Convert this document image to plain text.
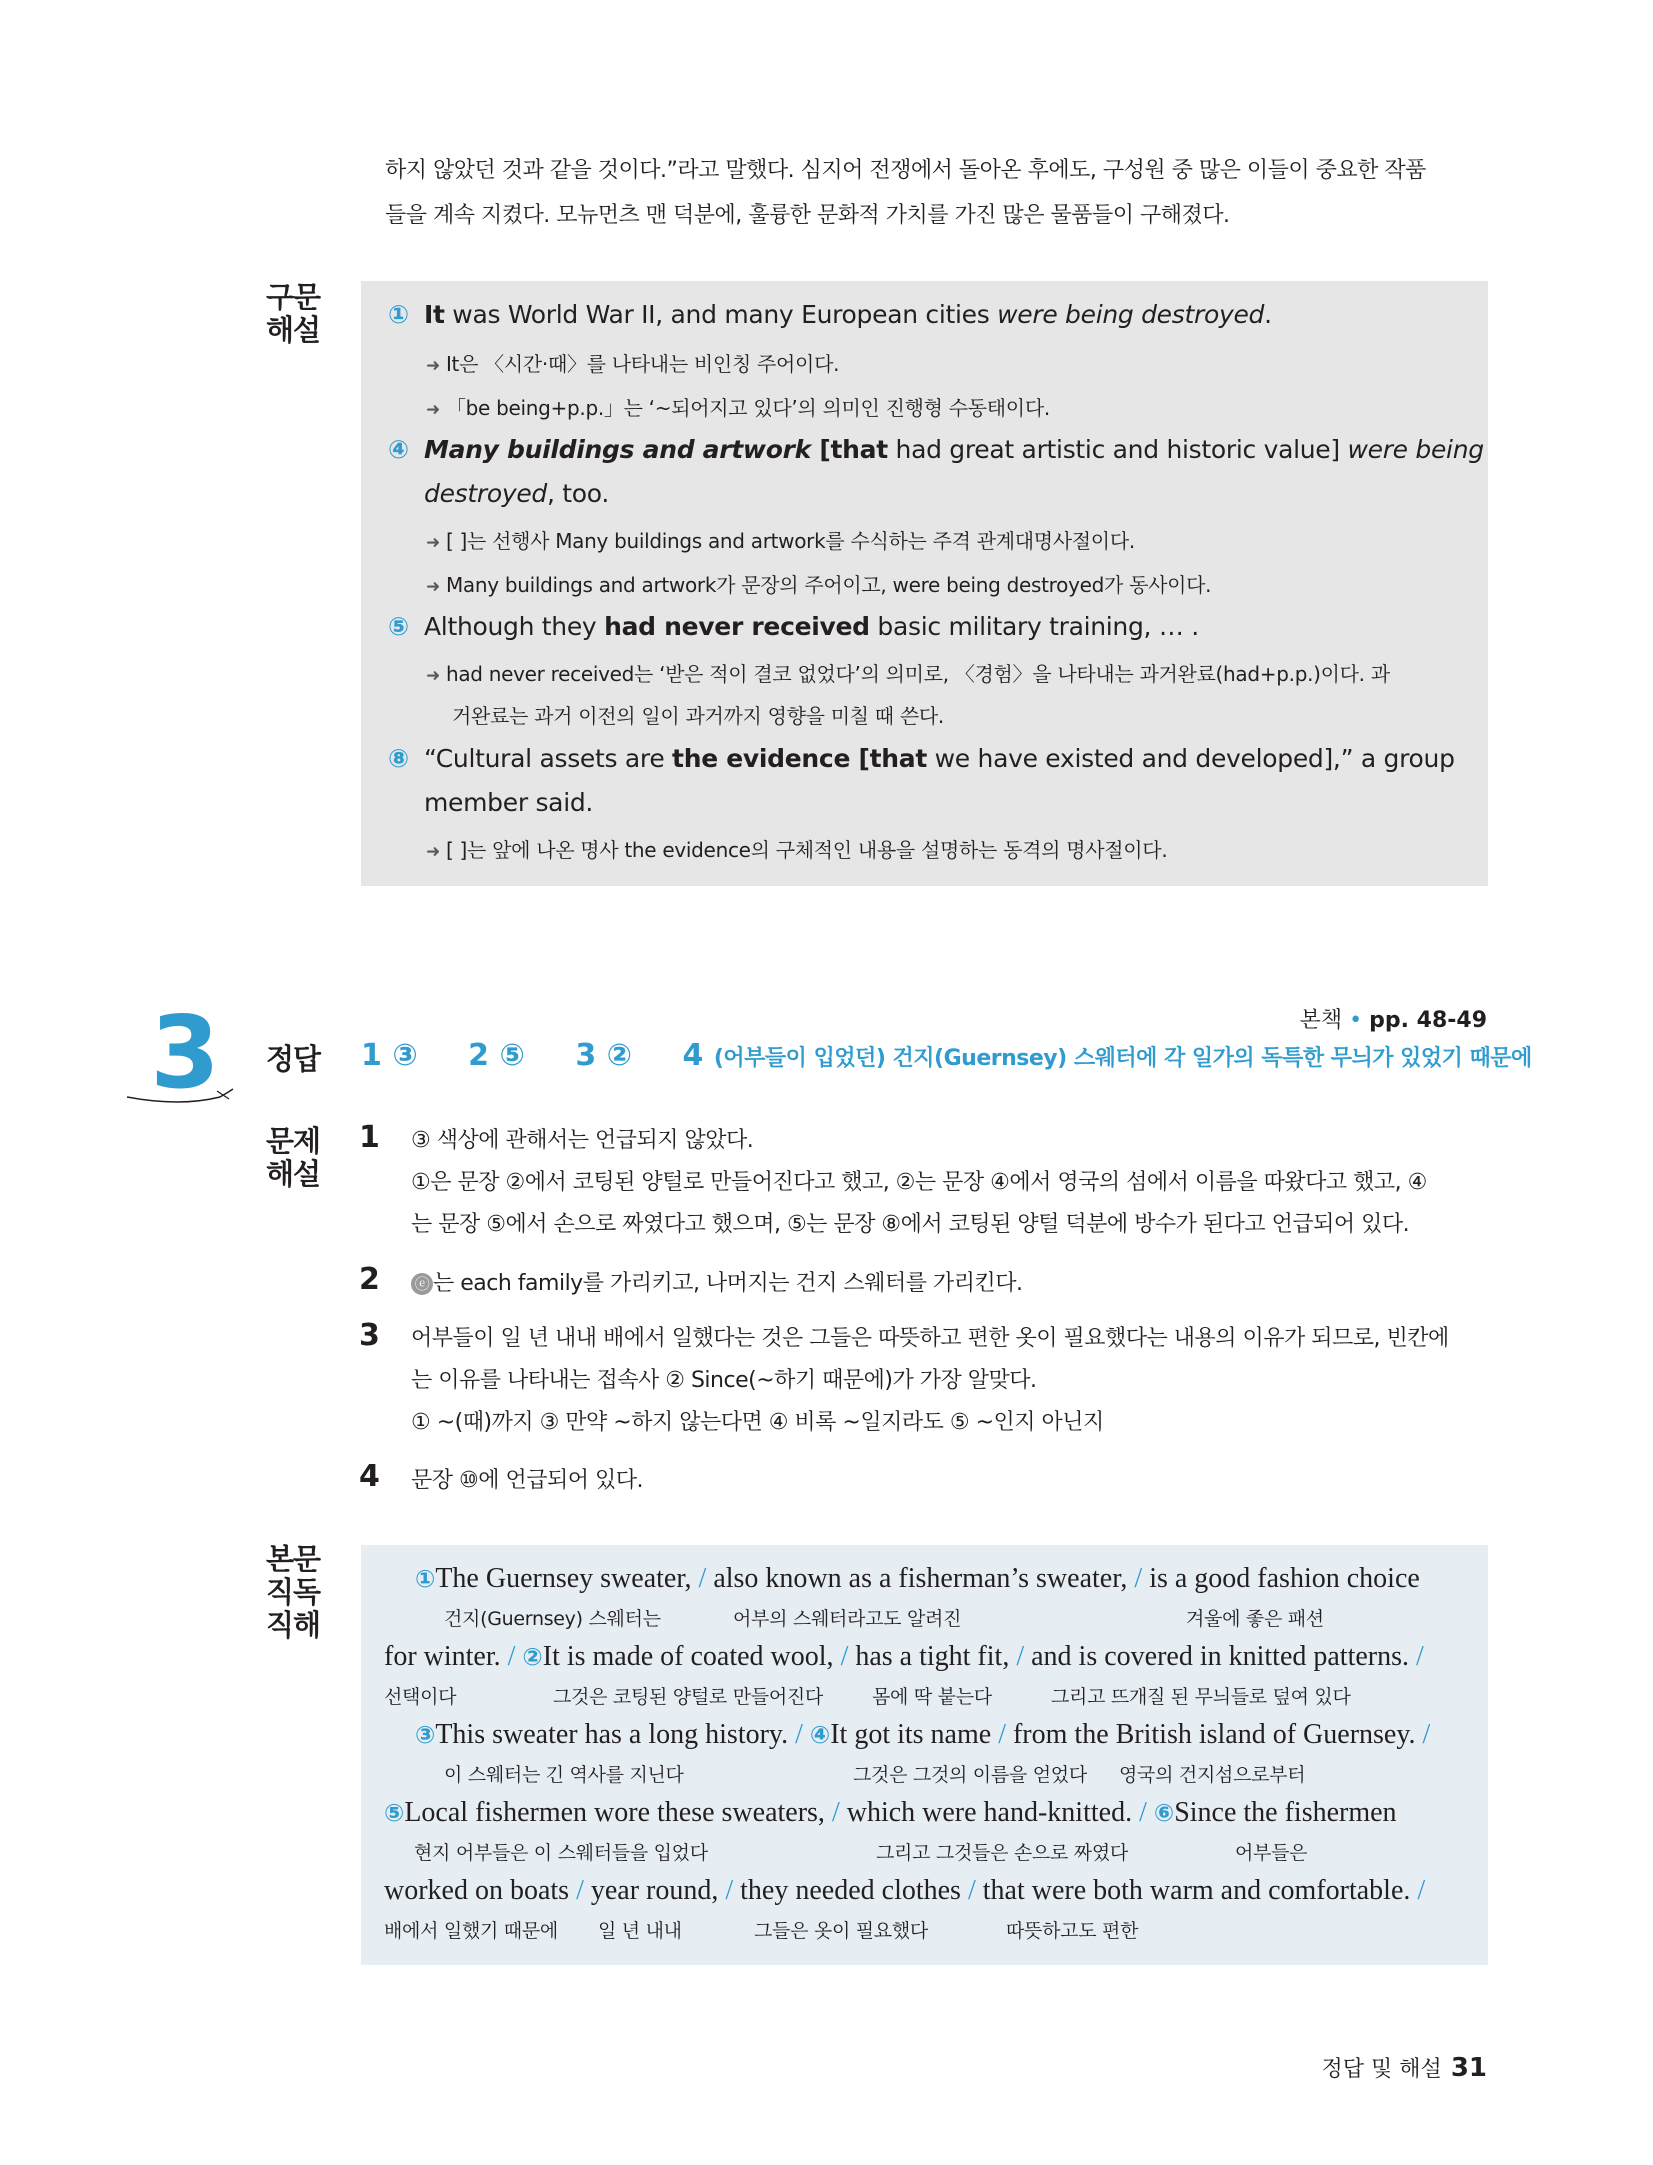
하지 않았던 것과 같을 것이다.”라고 말했다. 심지어 전쟁에서 돌아온 후에도, 구성원 중 많은 이들이 중요한 작품
들을 계속 지켰다. 모뉴먼츠 맨 덕분에, 훌륭한 문화적 가치를 가진 많은 물품들이 구해졌다.
구문
해설	① It was World War II, and many European cities were being destroyed.
➜ It은 〈시간·때〉를 나타내는 비인칭 주어이다.
➜ 「be being+p.p.」는 ‘~되어지고 있다’의 의미인 진행형 수동태이다.
④ Many buildings and artwork [that had great artistic and historic value] were being
destroyed, too.
➜ [ ]는 선행사 Many buildings and artwork를 수식하는 주격 관계대명사절이다.
➜ Many buildings and artwork가 문장의 주어이고, were being destroyed가 동사이다.
⑤ Although they had never received basic military training, … .
➜ had never received는 ‘받은 적이 결코 없었다’의 의미로, 〈경험〉을 나타내는 과거완료(had+p.p.)이다. 과
거완료는 과거 이전의 일이 과거까지 영향을 미칠 때 쓴다.
⑧ “Cultural assets are the evidence [that we have existed and developed],” a group
member said.
➜ [ ]는 앞에 나온 명사 the evidence의 구체적인 내용을 설명하는 동격의 명사절이다.
본책 • pp. 48-49
3	정답 1 ③ 2 ⑤ 3 ② 4 (어부들이 입었던) 건지(Guernsey) 스웨터에 각 일가의 독특한 무늬가 있었기 때문에
문제
해설
1 ③ 색상에 관해서는 언급되지 않았다.
①은 문장 ②에서 코팅된 양털로 만들어진다고 했고, ②는 문장 ④에서 영국의 섬에서 이름을 따왔다고 했고, ④
는 문장 ⑤에서 손으로 짜였다고 했으며, ⑤는 문장 ⑧에서 코팅된 양털 덕분에 방수가 된다고 언급되어 있다.
2 ⓔ 는 each family를 가리키고, 나머지는 건지 스웨터를 가리킨다.
3 어부들이 일 년 내내 배에서 일했다는 것은 그들은 따뜻하고 편한 옷이 필요했다는 내용의 이유가 되므로, 빈칸에
는 이유를 나타내는 접속사 ② Since(~하기 때문에)가 가장 알맞다.
① ~(때)까지 ③ 만약 ~하지 않는다면 ④ 비록 ~일지라도 ⑤ ~인지 아닌지
4 문장 ⑩에 언급되어 있다.
본문
직독
직해
①The Guernsey sweater, / also known as a fisherman’s sweater, / is a good fashion choice
건지(Guernsey) 스웨터는	어부의 스웨터라고도 알려진	겨울에 좋은 패션
for winter. / ②It is made of coated wool, / has a tight fit, / and is covered in knitted patterns. /
선택이다	그것은 코팅된 양털로 만들어진다	몸에 딱 붙는다	그리고 뜨개질 된 무늬들로 덮여 있다
③This sweater has a long history. / ④It got its name / from the British island of Guernsey. /
이 스웨터는 긴 역사를 지닌다	그것은 그것의 이름을 얻었다 영국의 건지섬으로부터
⑤Local fishermen wore these sweaters, / which were hand-knitted. / ⑥Since the fishermen
현지 어부들은 이 스웨터들을 입었다	그리고 그것들은 손으로 짜였다	어부들은
worked on boats / year round, / they needed clothes / that were both warm and comfortable. /
배에서 일했기 때문에 일 년 내내	그들은 옷이 필요했다	따뜻하고도 편한
정답 및 해설 31
